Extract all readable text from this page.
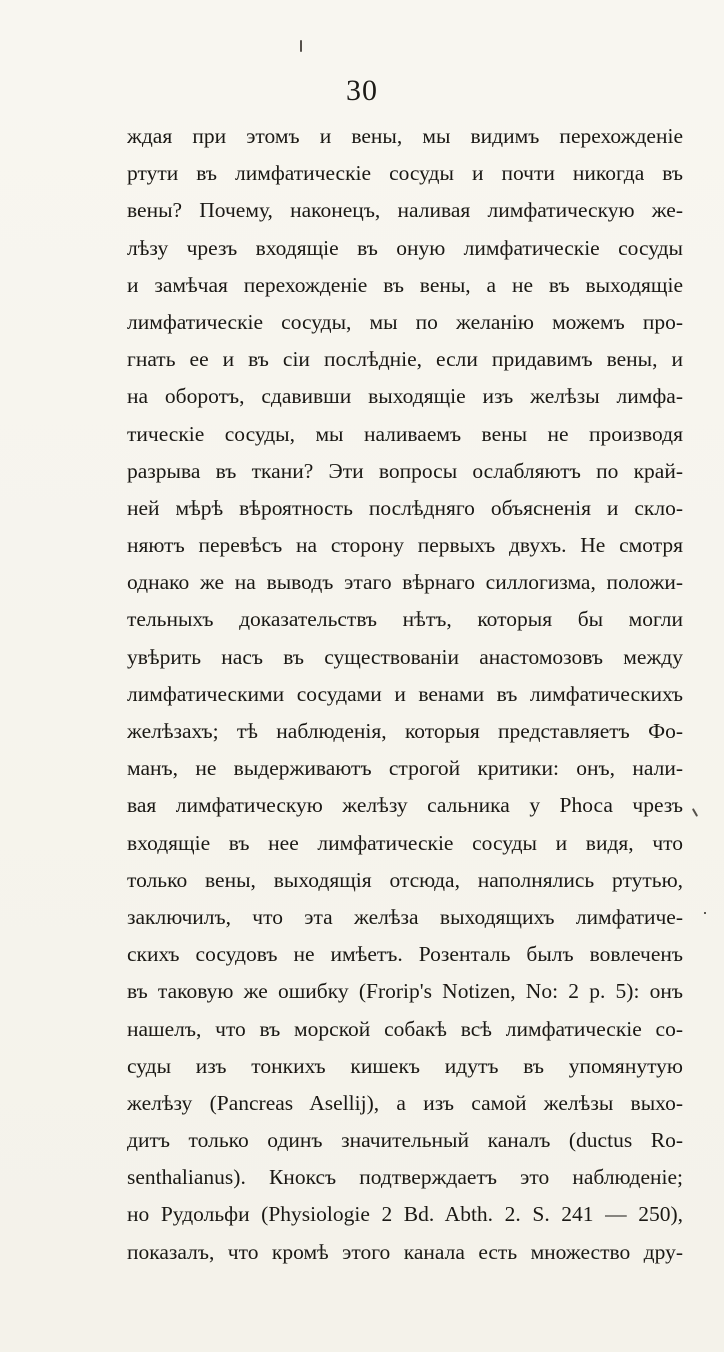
30
ждая при этомъ и вены, мы видимъ перехожденіе
ртути въ лимфатическіе сосуды и почти никогда въ
вены? Почему, наконецъ, наливая лимфатическую же-
лѣзу чрезъ входящіе въ оную лимфатическіе сосуды
и замѣчая перехожденіе въ вены, а не въ выходящіе
лимфатическіе сосуды, мы по желанію можемъ про-
гнать ее и въ сіи послѣдніе, если придавимъ вены, и
на оборотъ, сдавивши выходящіе изъ желѣзы лимфа-
тическіе сосуды, мы наливаемъ вены не производя
разрыва въ ткани? Эти вопросы ослабляютъ по край-
ней мѣрѣ вѣроятность послѣдняго объясненія и скло-
няютъ перевѣсъ на сторону первыхъ двухъ. Не смотря
однако же на выводъ этаго вѣрнаго силлогизма, положи-
тельныхъ доказательствъ нѣтъ, которыя бы могли
увѣрить насъ въ существованіи анастомозовъ между
лимфатическими сосудами и венами въ лимфатическихъ
желѣзахъ; тѣ наблюденія, которыя представляетъ Фо-
манъ, не выдерживаютъ строгой критики: онъ, нали-
вая лимфатическую желѣзу сальника у Рhоса чрезъ
входящіе въ нее лимфатическіе сосуды и видя, что
только вены, выходящія отсюда, наполнялись ртутью,
заключилъ, что эта желѣза выходящихъ лимфатиче-
скихъ сосудовъ не имѣетъ. Розенталь былъ вовлеченъ
въ таковую же ошибку (Frorip's Notizen, No: 2 p. 5): онъ
нашелъ, что въ морской собакѣ всѣ лимфатическіе со-
суды изъ тонкихъ кишекъ идутъ въ упомянутую
желѣзу (Pancreas Asellij), а изъ самой желѣзы выхо-
дитъ только одинъ значительный каналъ (ductus Ro-
senthalianus). Кноксъ подтверждаетъ это наблюденіе;
но Рудольфи (Physiologie 2 Bd. Abth. 2. S. 241 — 250),
показалъ, что кромѣ этого канала есть множество дру-
